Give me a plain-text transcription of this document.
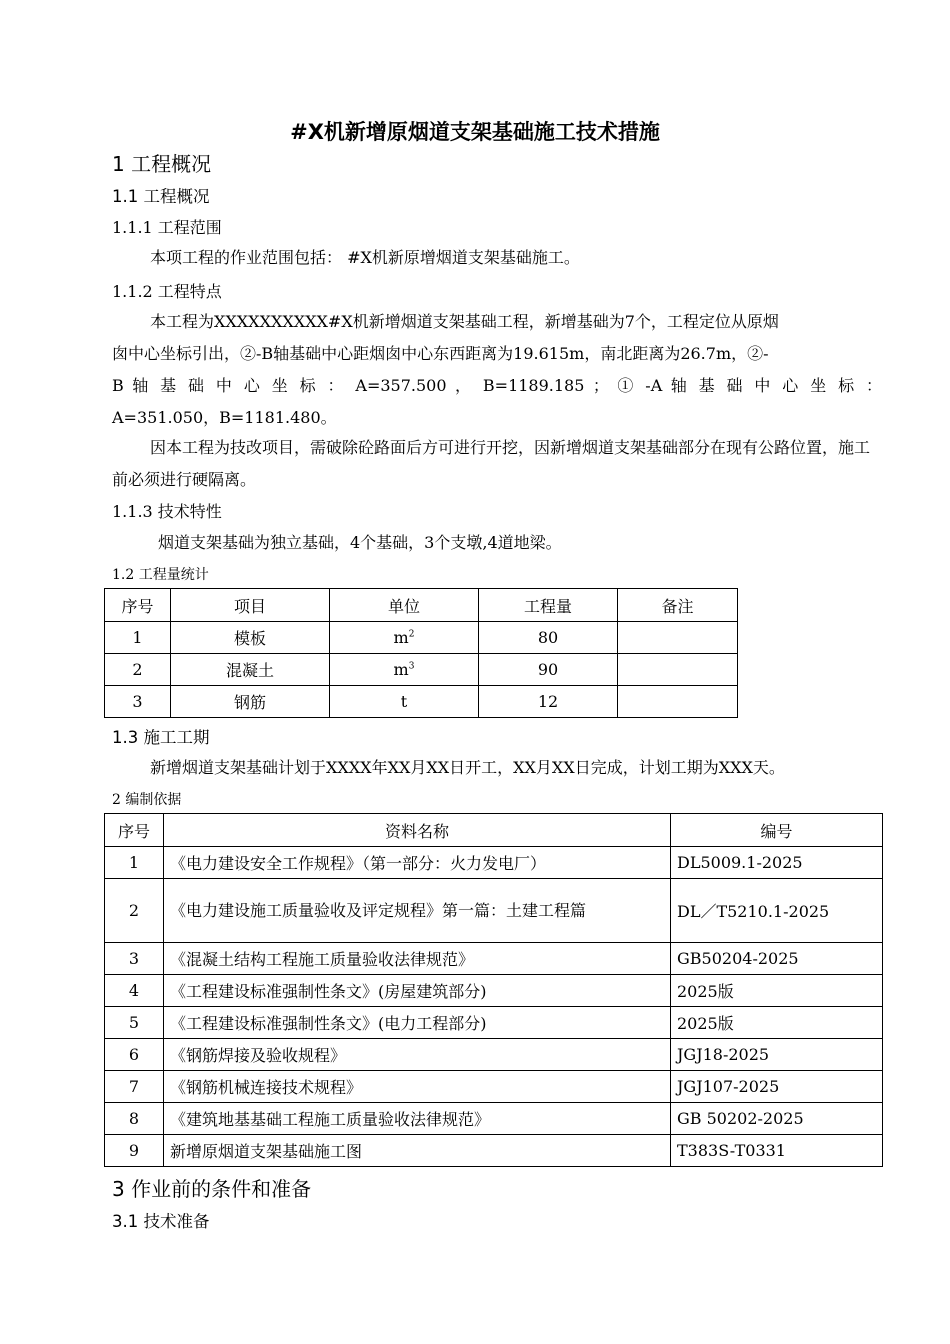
#X机新增原烟道支架基础施工技术措施
1 工程概况
1.1 工程概况
1.1.1 工程范围
本项工程的作业范围包括： #X机新原增烟道支架基础施工。
1.1.2 工程特点
本工程为XXXXXXXXXX#X机新增烟道支架基础工程，新增基础为7个，工程定位从原烟
囱中心坐标引出，②-B轴基础中心距烟囱中心东西距离为19.615m，南北距离为26.7m，②-
B 轴 基 础 中 心 坐 标 ： A=357.500 ， B=1189.185 ； ① -A 轴 基 础 中 心 坐 标 ：
A=351.050，B=1181.480。
因本工程为技改项目，需破除砼路面后方可进行开挖，因新增烟道支架基础部分在现有公路位置，施工前必须进行硬隔离。
1.1.3 技术特性
烟道支架基础为独立基础，4个基础，3个支墩,4道地梁。
1.2 工程量统计
序号	项目	单位	工程量	备注
1	模板	$m^2$	80	
2	混凝土	$m^3$	90	
3	钢筋	t	12	
1.3 施工工期
新增烟道支架基础计划于XXXX年XX月XX日开工，XX月XX日完成，计划工期为XXX天。
2 编制依据
序号	资料名称	编号
1	《电力建设安全工作规程》（第一部分：火力发电厂）	DL5009.1-2025
2	《电力建设施工质量验收及评定规程》第一篇：土建工程篇	DL／T5210.1-2025
3	《混凝土结构工程施工质量验收法律规范》	GB50204-2025
4	《工程建设标准强制性条文》(房屋建筑部分)	2025版
5	《工程建设标准强制性条文》(电力工程部分)	2025版
6	《钢筋焊接及验收规程》	JGJ18-2025
7	《钢筋机械连接技术规程》	JGJ107-2025
8	《建筑地基基础工程施工质量验收法律规范》	GB 50202-2025
9	新增原烟道支架基础施工图	T383S-T0331
3 作业前的条件和准备
3.1 技术准备
